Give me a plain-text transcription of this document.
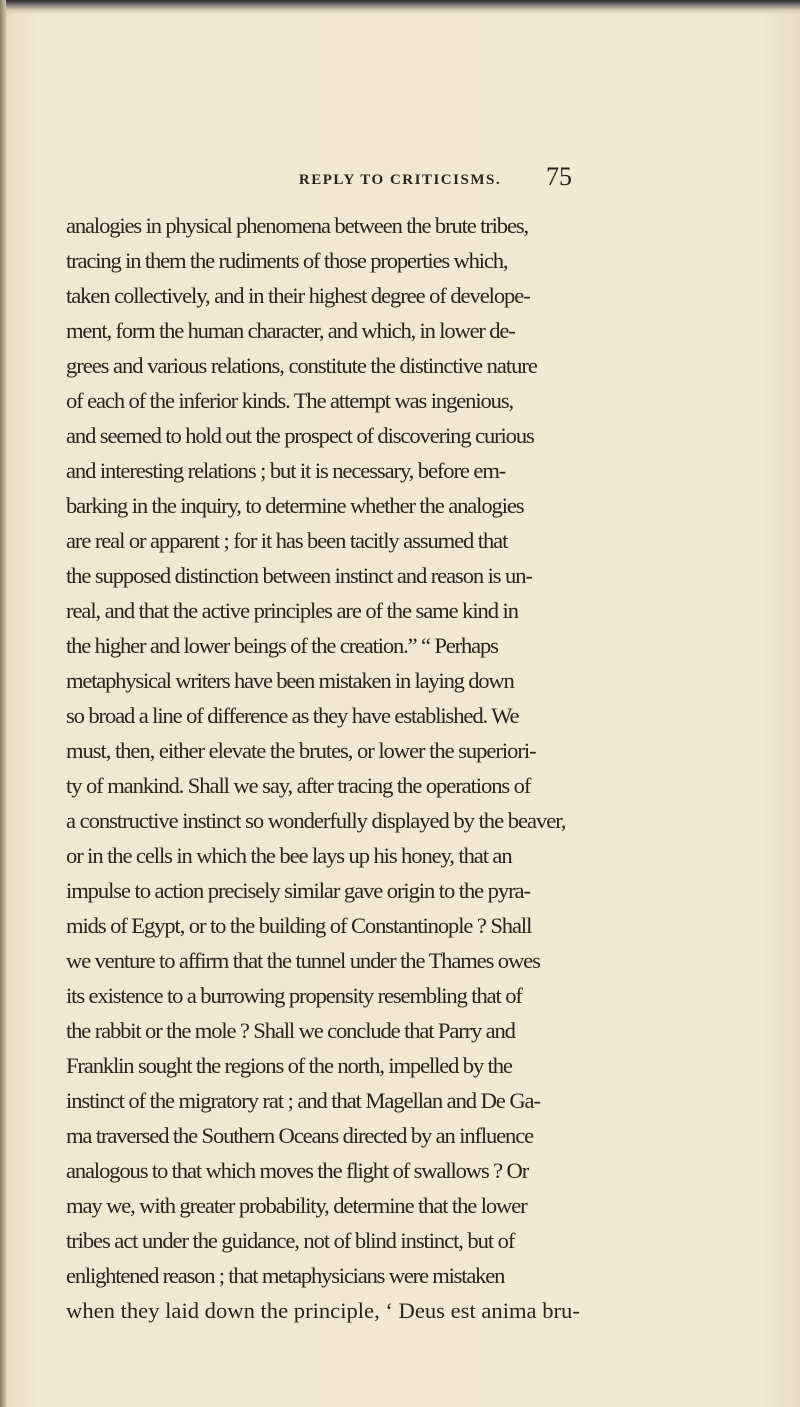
REPLY TO CRITICISMS.	75
analogies in physical phenomena between the brute tribes,
tracing in them the rudiments of those properties which,
taken collectively, and in their highest degree of develope-
ment, form the human character, and which, in lower de-
grees and various relations, constitute the distinctive nature
of each of the inferior kinds. The attempt was ingenious,
and seemed to hold out the prospect of discovering curious
and interesting relations ; but it is necessary, before em-
barking in the inquiry, to determine whether the analogies
are real or apparent ; for it has been tacitly assumed that
the supposed distinction between instinct and reason is un-
real, and that the active principles are of the same kind in
the higher and lower beings of the creation.” “ Perhaps
metaphysical writers have been mistaken in laying down
so broad a line of difference as they have established. We
must, then, either elevate the brutes, or lower the superiori-
ty of mankind. Shall we say, after tracing the operations of
a constructive instinct so wonderfully displayed by the beaver,
or in the cells in which the bee lays up his honey, that an
impulse to action precisely similar gave origin to the pyra-
mids of Egypt, or to the building of Constantinople ? Shall
we venture to affirm that the tunnel under the Thames owes
its existence to a burrowing propensity resembling that of
the rabbit or the mole ? Shall we conclude that Parry and
Franklin sought the regions of the north, impelled by the
instinct of the migratory rat ; and that Magellan and De Ga-
ma traversed the Southern Oceans directed by an influence
analogous to that which moves the flight of swallows ? Or
may we, with greater probability, determine that the lower
tribes act under the guidance, not of blind instinct, but of
enlightened reason ; that metaphysicians were mistaken
when they laid down the principle, ‘ Deus est anima bru-
